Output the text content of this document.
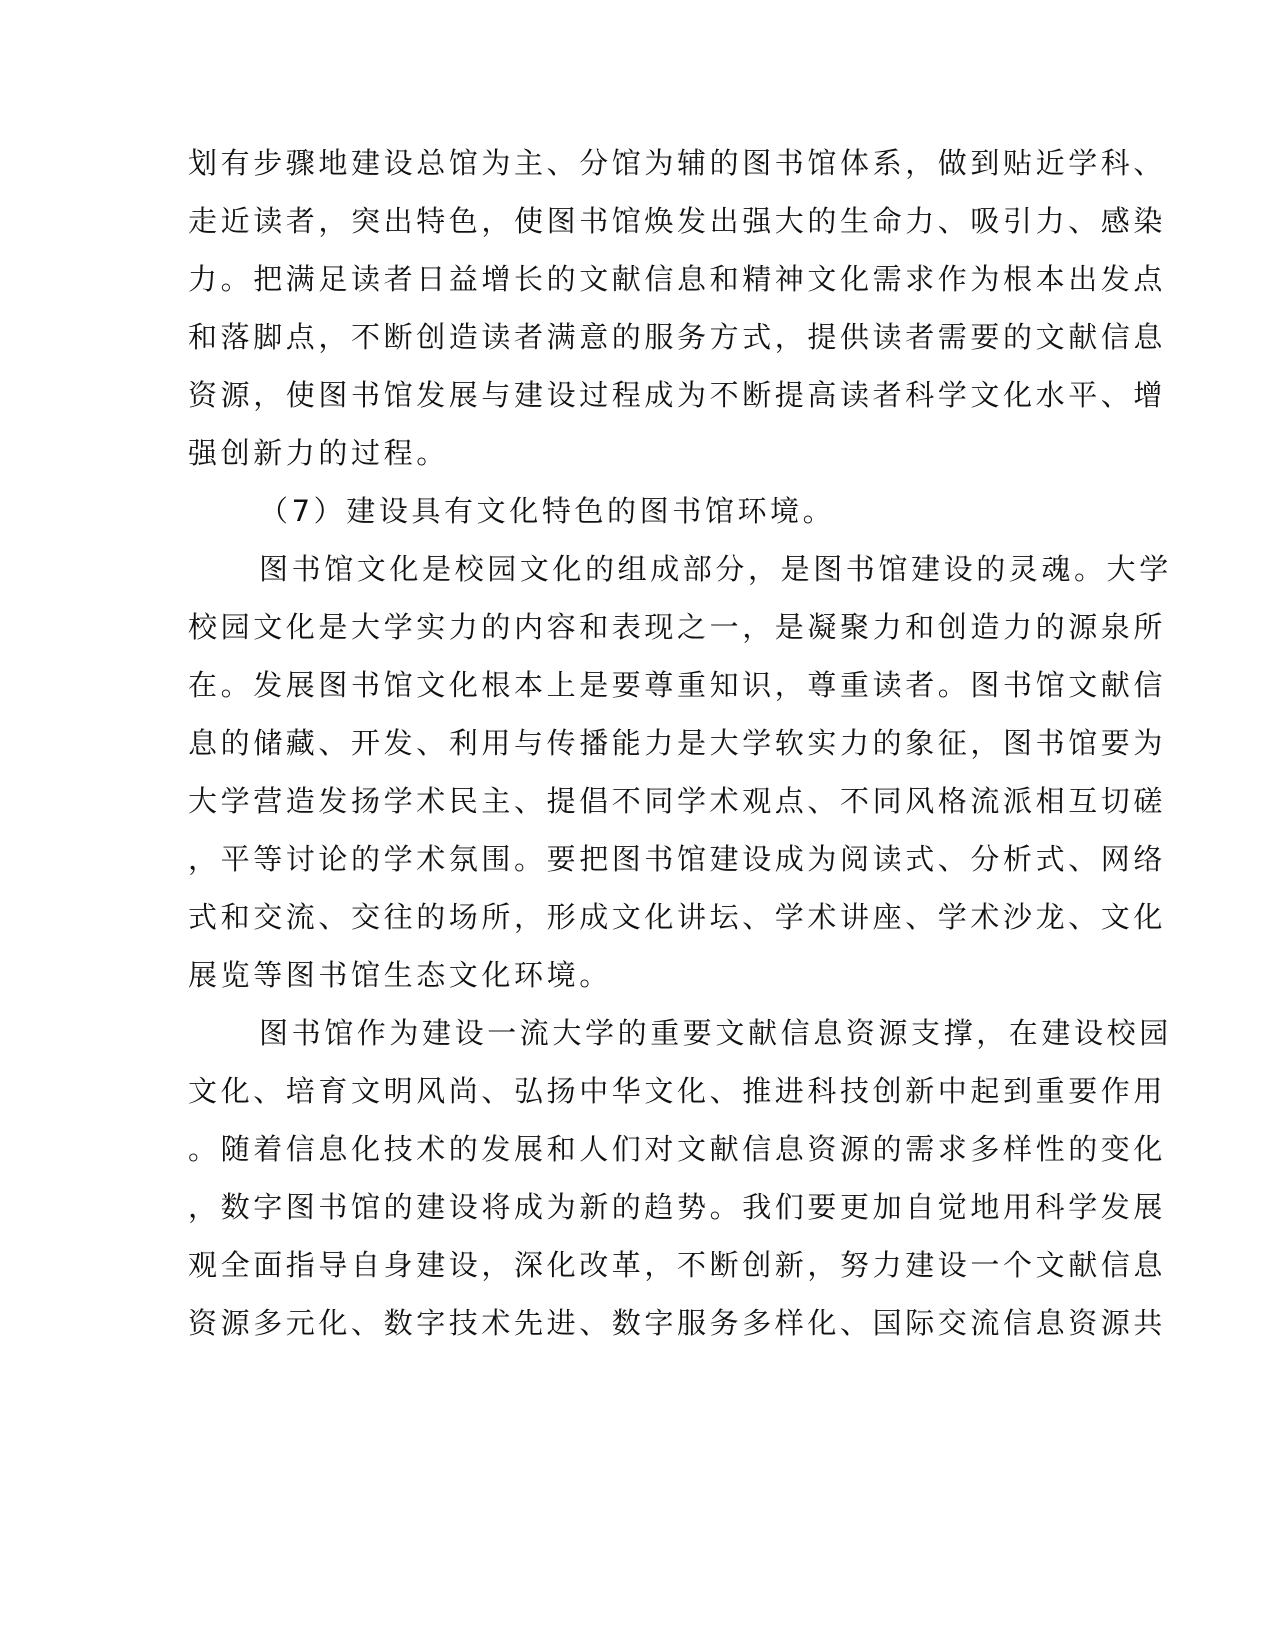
划有步骤地建设总馆为主、分馆为辅的图书馆体系，做到贴近学科、
走近读者，突出特色，使图书馆焕发出强大的生命力、吸引力、感染
力。把满足读者日益增长的文献信息和精神文化需求作为根本出发点
和落脚点，不断创造读者满意的服务方式，提供读者需要的文献信息
资源，使图书馆发展与建设过程成为不断提高读者科学文化水平、增
强创新力的过程。
（7）建设具有文化特色的图书馆环境。
图书馆文化是校园文化的组成部分，是图书馆建设的灵魂。大学
校园文化是大学实力的内容和表现之一，是凝聚力和创造力的源泉所
在。发展图书馆文化根本上是要尊重知识，尊重读者。图书馆文献信
息的储藏、开发、利用与传播能力是大学软实力的象征，图书馆要为
大学营造发扬学术民主、提倡不同学术观点、不同风格流派相互切磋
，平等讨论的学术氛围。要把图书馆建设成为阅读式、分析式、网络
式和交流、交往的场所，形成文化讲坛、学术讲座、学术沙龙、文化
展览等图书馆生态文化环境。
图书馆作为建设一流大学的重要文献信息资源支撑，在建设校园
文化、培育文明风尚、弘扬中华文化、推进科技创新中起到重要作用
。随着信息化技术的发展和人们对文献信息资源的需求多样性的变化
，数字图书馆的建设将成为新的趋势。我们要更加自觉地用科学发展
观全面指导自身建设，深化改革，不断创新，努力建设一个文献信息
资源多元化、数字技术先进、数字服务多样化、国际交流信息资源共
